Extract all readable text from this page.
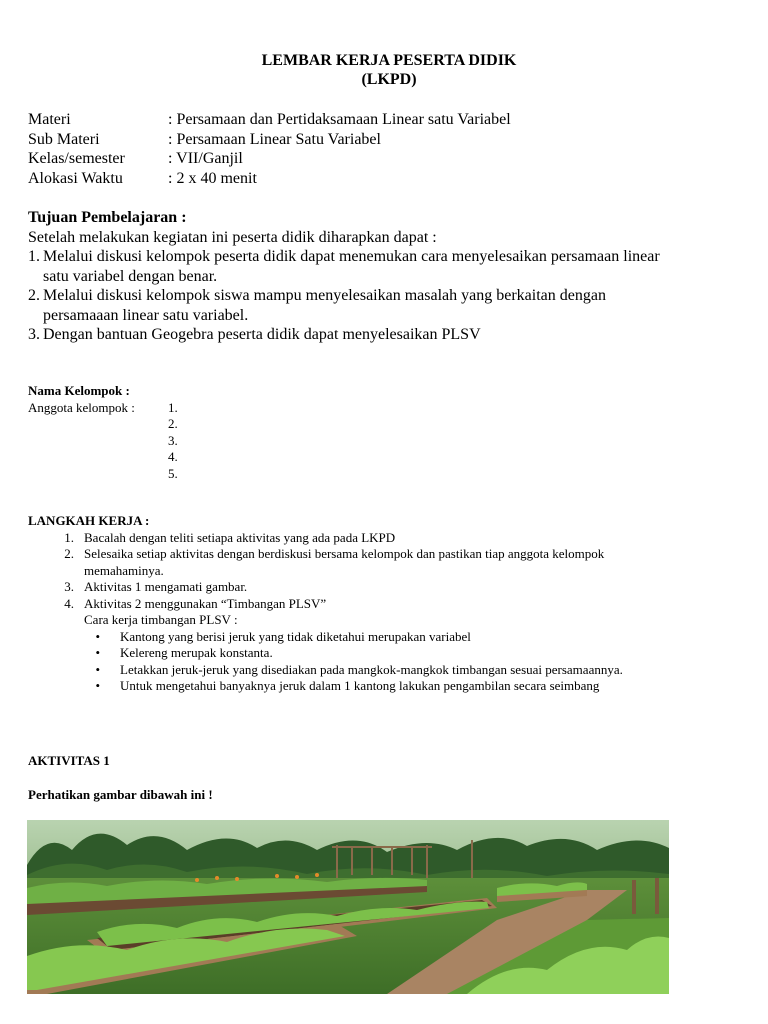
LEMBAR KERJA PESERTA DIDIK
(LKPD)
Materi	: Persamaan dan Pertidaksamaan Linear satu Variabel
Sub Materi	: Persamaan Linear Satu Variabel
Kelas/semester	: VII/Ganjil
Alokasi Waktu	: 2 x 40 menit
Tujuan Pembelajaran :
Setelah melakukan kegiatan ini peserta didik diharapkan dapat :
1. Melalui diskusi kelompok peserta didik dapat menemukan cara menyelesaikan persamaan linear
satu variabel dengan benar.
2. Melalui diskusi kelompok siswa mampu menyelesaikan masalah yang berkaitan dengan
persamaaan linear satu variabel.
3. Dengan bantuan Geogebra peserta didik dapat menyelesaikan PLSV
Nama Kelompok :
Anggota kelompok :	1.
2.
3.
4.
5.
LANGKAH KERJA :
1. Bacalah dengan teliti setiapa aktivitas yang ada pada LKPD
2. Selesaika setiap aktivitas dengan berdiskusi bersama kelompok dan pastikan tiap anggota kelompok
memahaminya.
3. Aktivitas 1 mengamati gambar.
4. Aktivitas 2 menggunakan “Timbangan PLSV”
Cara kerja timbangan PLSV :
•	Kantong yang berisi jeruk yang tidak diketahui merupakan variabel
•	Kelereng merupak konstanta.
•	Letakkan jeruk-jeruk yang disediakan pada mangkok-mangkok timbangan sesuai persamaannya.
•	Untuk mengetahui banyaknya jeruk dalam 1 kantong lakukan pengambilan secara seimbang
AKTIVITAS 1
Perhatikan gambar dibawah ini !
